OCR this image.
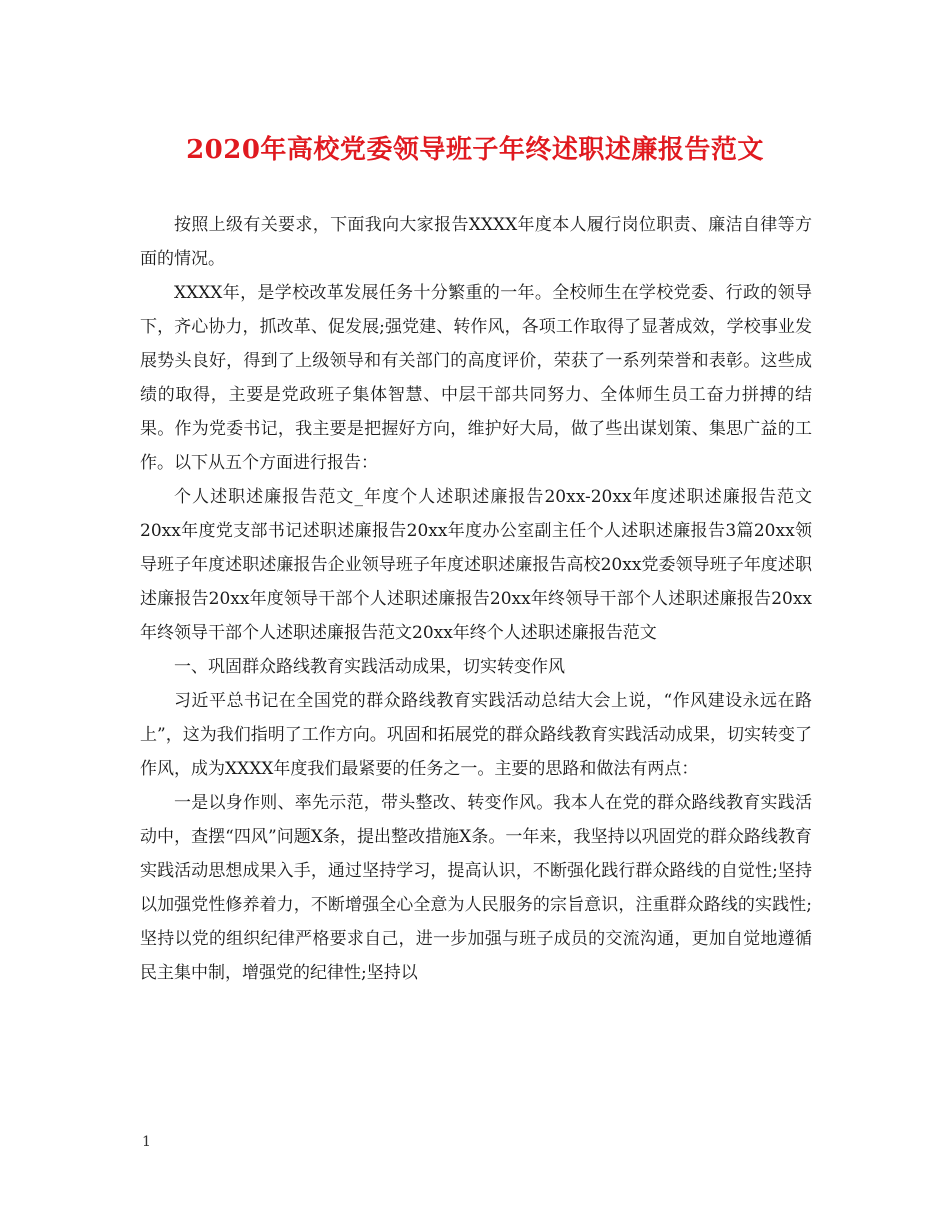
2020年高校党委领导班子年终述职述廉报告范文

按照上级有关要求，下面我向大家报告XXXX年度本人履行岗位职责、廉洁自律等方面的情况。

XXXX年，是学校改革发展任务十分繁重的一年。全校师生在学校党委、行政的领导下，齐心协力，抓改革、促发展;强党建、转作风，各项工作取得了显著成效，学校事业发展势头良好，得到了上级领导和有关部门的高度评价，荣获了一系列荣誉和表彰。这些成绩的取得，主要是党政班子集体智慧、中层干部共同努力、全体师生员工奋力拼搏的结果。作为党委书记，我主要是把握好方向，维护好大局，做了些出谋划策、集思广益的工作。以下从五个方面进行报告：

个人述职述廉报告范文_年度个人述职述廉报告20xx-20xx年度述职述廉报告范文20xx年度党支部书记述职述廉报告20xx年度办公室副主任个人述职述廉报告3篇20xx领导班子年度述职述廉报告企业领导班子年度述职述廉报告高校20xx党委领导班子年度述职述廉报告20xx年度领导干部个人述职述廉报告20xx年终领导干部个人述职述廉报告20xx年终领导干部个人述职述廉报告范文20xx年终个人述职述廉报告范文

一、巩固群众路线教育实践活动成果，切实转变作风

习近平总书记在全国党的群众路线教育实践活动总结大会上说，“作风建设永远在路上”，这为我们指明了工作方向。巩固和拓展党的群众路线教育实践活动成果，切实转变了作风，成为XXXX年度我们最紧要的任务之一。主要的思路和做法有两点：

一是以身作则、率先示范，带头整改、转变作风。我本人在党的群众路线教育实践活动中，查摆“四风”问题X条，提出整改措施X条。一年来，我坚持以巩固党的群众路线教育实践活动思想成果入手，通过坚持学习，提高认识，不断强化践行群众路线的自觉性;坚持以加强党性修养着力，不断增强全心全意为人民服务的宗旨意识，注重群众路线的实践性;坚持以党的组织纪律严格要求自己，进一步加强与班子成员的交流沟通，更加自觉地遵循民主集中制，增强党的纪律性;坚持以

1
